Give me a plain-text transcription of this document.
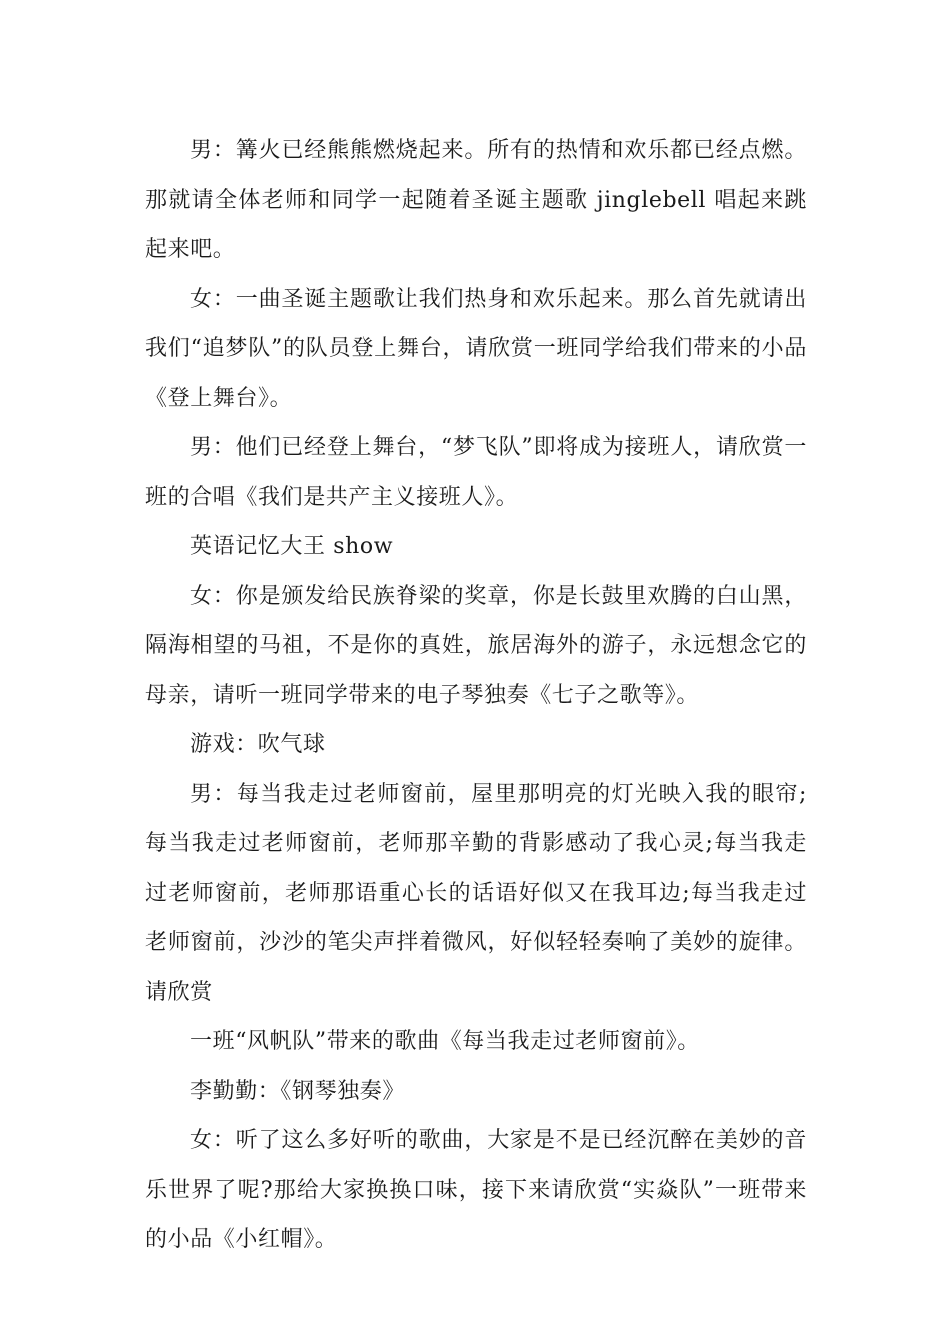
男：篝火已经熊熊燃烧起来。所有的热情和欢乐都已经点燃。那就请全体老师和同学一起随着圣诞主题歌 jinglebell 唱起来跳起来吧。

女：一曲圣诞主题歌让我们热身和欢乐起来。那么首先就请出我们“追梦队”的队员登上舞台，请欣赏一班同学给我们带来的小品《登上舞台》。

男：他们已经登上舞台，“梦飞队”即将成为接班人，请欣赏一班的合唱《我们是共产主义接班人》。

英语记忆大王 show

女：你是颁发给民族脊梁的奖章，你是长鼓里欢腾的白山黑，隔海相望的马祖，不是你的真姓，旅居海外的游子，永远想念它的母亲，请听一班同学带来的电子琴独奏《七子之歌等》。

游戏：吹气球

男：每当我走过老师窗前，屋里那明亮的灯光映入我的眼帘;每当我走过老师窗前，老师那辛勤的背影感动了我心灵;每当我走过老师窗前，老师那语重心长的话语好似又在我耳边;每当我走过老师窗前，沙沙的笔尖声拌着微风，好似轻轻奏响了美妙的旋律。请欣赏

一班“风帆队”带来的歌曲《每当我走过老师窗前》。

李勤勤：《钢琴独奏》

女：听了这么多好听的歌曲，大家是不是已经沉醉在美妙的音乐世界了呢?那给大家换换口味，接下来请欣赏“实焱队”一班带来的小品《小红帽》。
